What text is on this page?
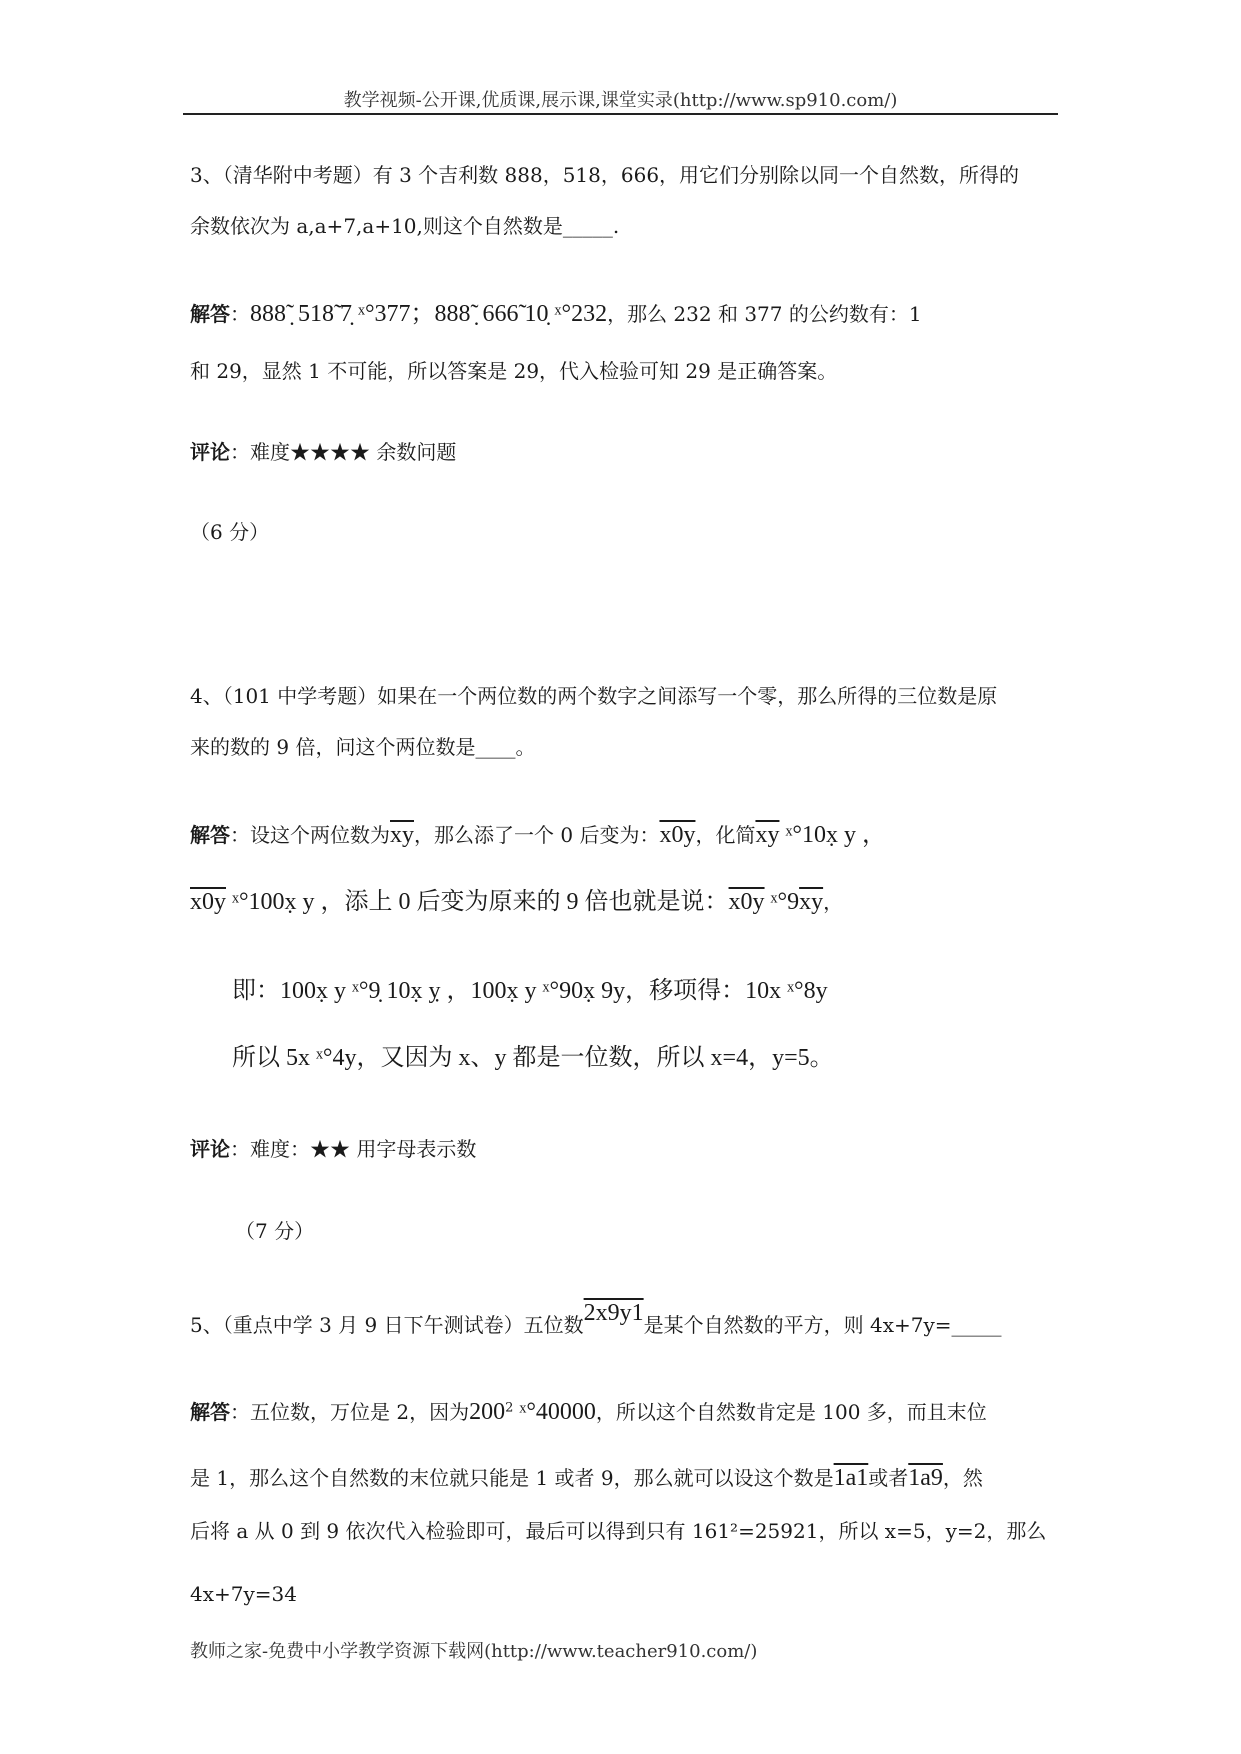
教学视频-公开课,优质课,展示课,课堂实录(http://www.sp910.com/)
3、（清华附中考题）有 3 个吉利数 888，518，666，用它们分别除以同一个自然数，所得的
余数依次为 a,a+7,a+10,则这个自然数是_____.
解答：888̃ ̣ 518̃ 7̣ ˣ°377；888̃ ̣ 666̃ 10̣ ˣ°232，那么 232 和 377 的公约数有：1
和 29，显然 1 不可能，所以答案是 29，代入检验可知 29 是正确答案。
评论：难度★★★★ 余数问题
（6 分）
4、（101 中学考题）如果在一个两位数的两个数字之间添写一个零，那么所得的三位数是原
来的数的 9 倍，问这个两位数是____。
解答：设这个两位数为$\overline{xy}$，那么添了一个 0 后变为：x0y，化简$\overline{xy}$ ˣ°10x̣ y ，
x0y ˣ°100x̣ y ，添上 0 后变为原来的 9 倍也就是说：x0y $ˣ^\circ 9\overline{xy}$，
即：100x̣ y ˣ°9̣ 10x̣ ỵ ，100x̣ y ˣ°90x̣ 9y，移项得：10x ˣ°8y
所以 5x ˣ°4y，又因为 x、y 都是一位数，所以 x=4，y=5。
评论：难度：★★ 用字母表示数
（7 分）
5、（重点中学 3 月 9 日下午测试卷）五位数2x9y1是某个自然数的平方，则 4x+7y=_____
解答：五位数，万位是 2，因为$200^2$ ˣ°40000，所以这个自然数肯定是 100 多，而且末位
是 1，那么这个自然数的末位就只能是 1 或者 9，那么就可以设这个数是1a1或者1a9，然
后将 a 从 0 到 9 依次代入检验即可，最后可以得到只有 161²=25921，所以 x=5，y=2，那么
4x+7y=34
教师之家-免费中小学教学资源下载网(http://www.teacher910.com/)
